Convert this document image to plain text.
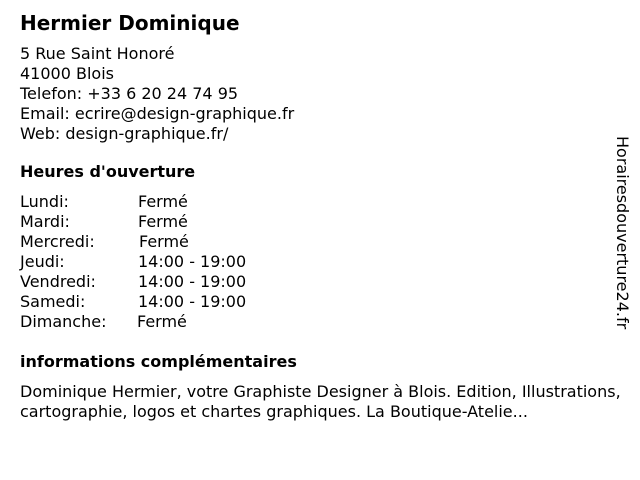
Hermier Dominique
5 Rue Saint Honoré
41000 Blois
Telefon: +33 6 20 24 74 95
Email: ecrire@design-graphique.fr
Web: design-graphique.fr/
Heures d'ouverture
Lundi:	Fermé
Mardi:	Fermé
Mercredi:	Fermé
Jeudi:	14:00 - 19:00
Vendredi:	14:00 - 19:00
Samedi:	14:00 - 19:00
Dimanche:	Fermé
informations complémentaires
Dominique Hermier, votre Graphiste Designer à Blois. Edition, Illustrations, cartographie, logos et chartes graphiques. La Boutique-Atelie...
Horairesdouverture24.fr
